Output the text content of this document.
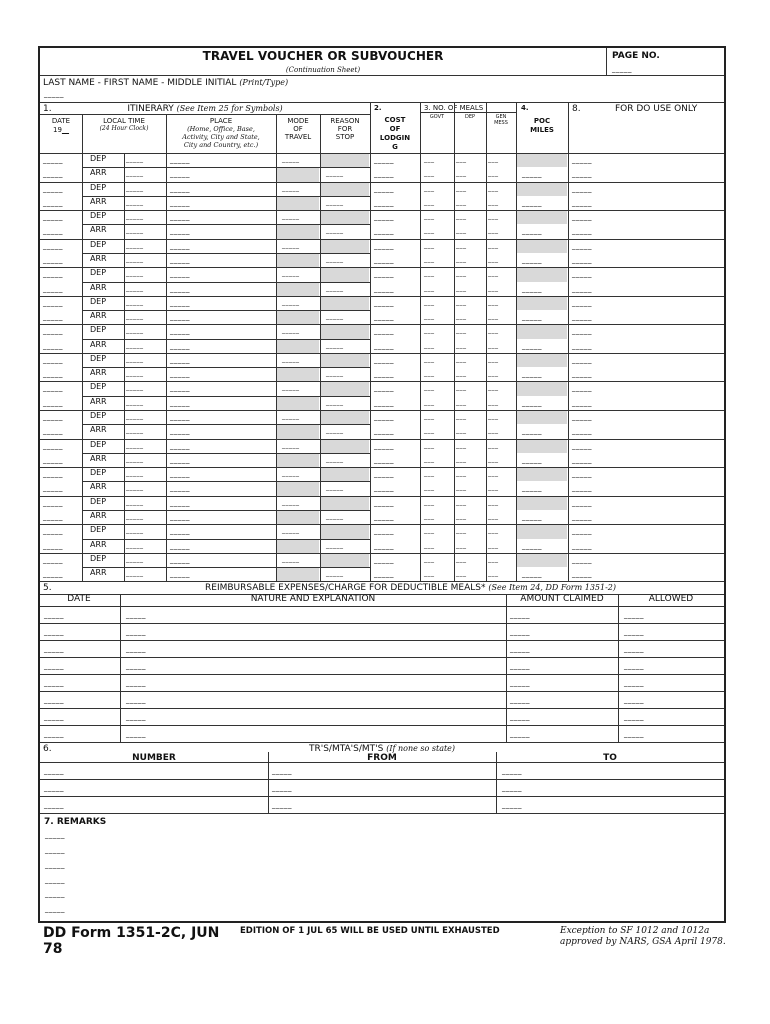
TRAVEL VOUCHER OR SUBVOUCHER
(Continuation Sheet)
PAGE NO.
_____
LAST NAME - FIRST NAME - MIDDLE INITIAL (Print/Type)
_____
1.	ITINERARY (See Item 25 for Symbols)
DATE
19__
LOCAL TIME
(24 Hour Clock)
PLACE
(Home, Office, Base,
Activity, City and State,
City and Country, etc.)
MODE
OF
TRAVEL
REASON
FOR
STOP
2.
COST
OF
LODGIN
G
3. NO. OF MEALS
GOVT	DEP	GEN
MESS
4.
POC
MILES
8.	FOR DO USE ONLY
_____	DEP	_____	_____	_____	_____	___	___	___	_____
_____	ARR	_____	_____	_____	_____	___	___	___	_____	_____
_____	DEP	_____	_____	_____	_____	___	___	___	_____
_____	ARR	_____	_____	_____	_____	___	___	___	_____	_____
_____	DEP	_____	_____	_____	_____	___	___	___	_____
_____	ARR	_____	_____	_____	_____	___	___	___	_____	_____
_____	DEP	_____	_____	_____	_____	___	___	___	_____
_____	ARR	_____	_____	_____	_____	___	___	___	_____	_____
_____	DEP	_____	_____	_____	_____	___	___	___	_____
_____	ARR	_____	_____	_____	_____	___	___	___	_____	_____
_____	DEP	_____	_____	_____	_____	___	___	___	_____
_____	ARR	_____	_____	_____	_____	___	___	___	_____	_____
_____	DEP	_____	_____	_____	_____	___	___	___	_____
_____	ARR	_____	_____	_____	_____	___	___	___	_____	_____
_____	DEP	_____	_____	_____	_____	___	___	___	_____
_____	ARR	_____	_____	_____	_____	___	___	___	_____	_____
_____	DEP	_____	_____	_____	_____	___	___	___	_____
_____	ARR	_____	_____	_____	_____	___	___	___	_____	_____
_____	DEP	_____	_____	_____	_____	___	___	___	_____
_____	ARR	_____	_____	_____	_____	___	___	___	_____	_____
_____	DEP	_____	_____	_____	_____	___	___	___	_____
_____	ARR	_____	_____	_____	_____	___	___	___	_____	_____
_____	DEP	_____	_____	_____	_____	___	___	___	_____
_____	ARR	_____	_____	_____	_____	___	___	___	_____	_____
_____	DEP	_____	_____	_____	_____	___	___	___	_____
_____	ARR	_____	_____	_____	_____	___	___	___	_____	_____
_____	DEP	_____	_____	_____	_____	___	___	___	_____
_____	ARR	_____	_____	_____	_____	___	___	___	_____	_____
_____	DEP	_____	_____	_____	_____	___	___	___	_____
_____	ARR	_____	_____	_____	_____	___	___	___	_____	_____
5.	REIMBURSABLE EXPENSES/CHARGE FOR DEDUCTIBLE MEALS* (See Item 24, DD Form 1351-2)
DATE	NATURE AND EXPLANATION	AMOUNT CLAIMED	ALLOWED
_____	_____	_____	_____
_____	_____	_____	_____
_____	_____	_____	_____
_____	_____	_____	_____
_____	_____	_____	_____
_____	_____	_____	_____
_____	_____	_____	_____
_____	_____	_____	_____
6.	TR'S/MTA'S/MT'S (If none so state)
NUMBER	FROM	TO
_____	_____	_____
_____	_____	_____
_____	_____	_____
7. REMARKS
_____
_____
_____
_____
_____
_____
DD Form 1351-2C, JUN
78
EDITION OF 1 JUL 65 WILL BE USED UNTIL EXHAUSTED	Exception to SF 1012 and 1012a
approved by NARS, GSA April 1978.
